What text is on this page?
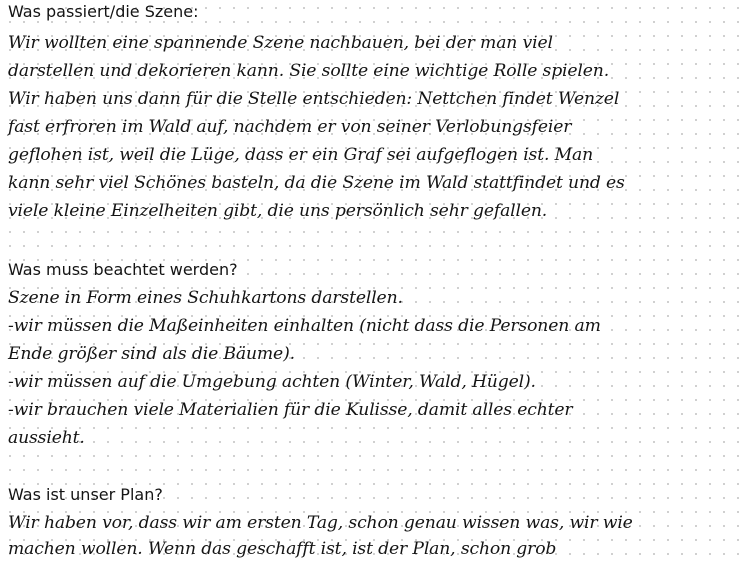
Was passiert/die Szene:
Wir wollten eine spannende Szene nachbauen, bei der man viel
darstellen und dekorieren kann. Sie sollte eine wichtige Rolle spielen.
Wir haben uns dann für die Stelle entschieden: Nettchen findet Wenzel
fast erfroren im Wald auf, nachdem er von seiner Verlobungsfeier
geflohen ist, weil die Lüge, dass er ein Graf sei aufgeflogen ist. Man
kann sehr viel Schönes basteln, da die Szene im Wald stattfindet und es
viele kleine Einzelheiten gibt, die uns persönlich sehr gefallen.
Was muss beachtet werden?
Szene in Form eines Schuhkartons darstellen.
-wir müssen die Maßeinheiten einhalten (nicht dass die Personen am
Ende größer sind als die Bäume).
-wir müssen auf die Umgebung achten (Winter, Wald, Hügel).
-wir brauchen viele Materialien für die Kulisse, damit alles echter
aussieht.
Was ist unser Plan?
Wir haben vor, dass wir am ersten Tag, schon genau wissen was, wir wie
machen wollen. Wenn das geschafft ist, ist der Plan, schon grob
